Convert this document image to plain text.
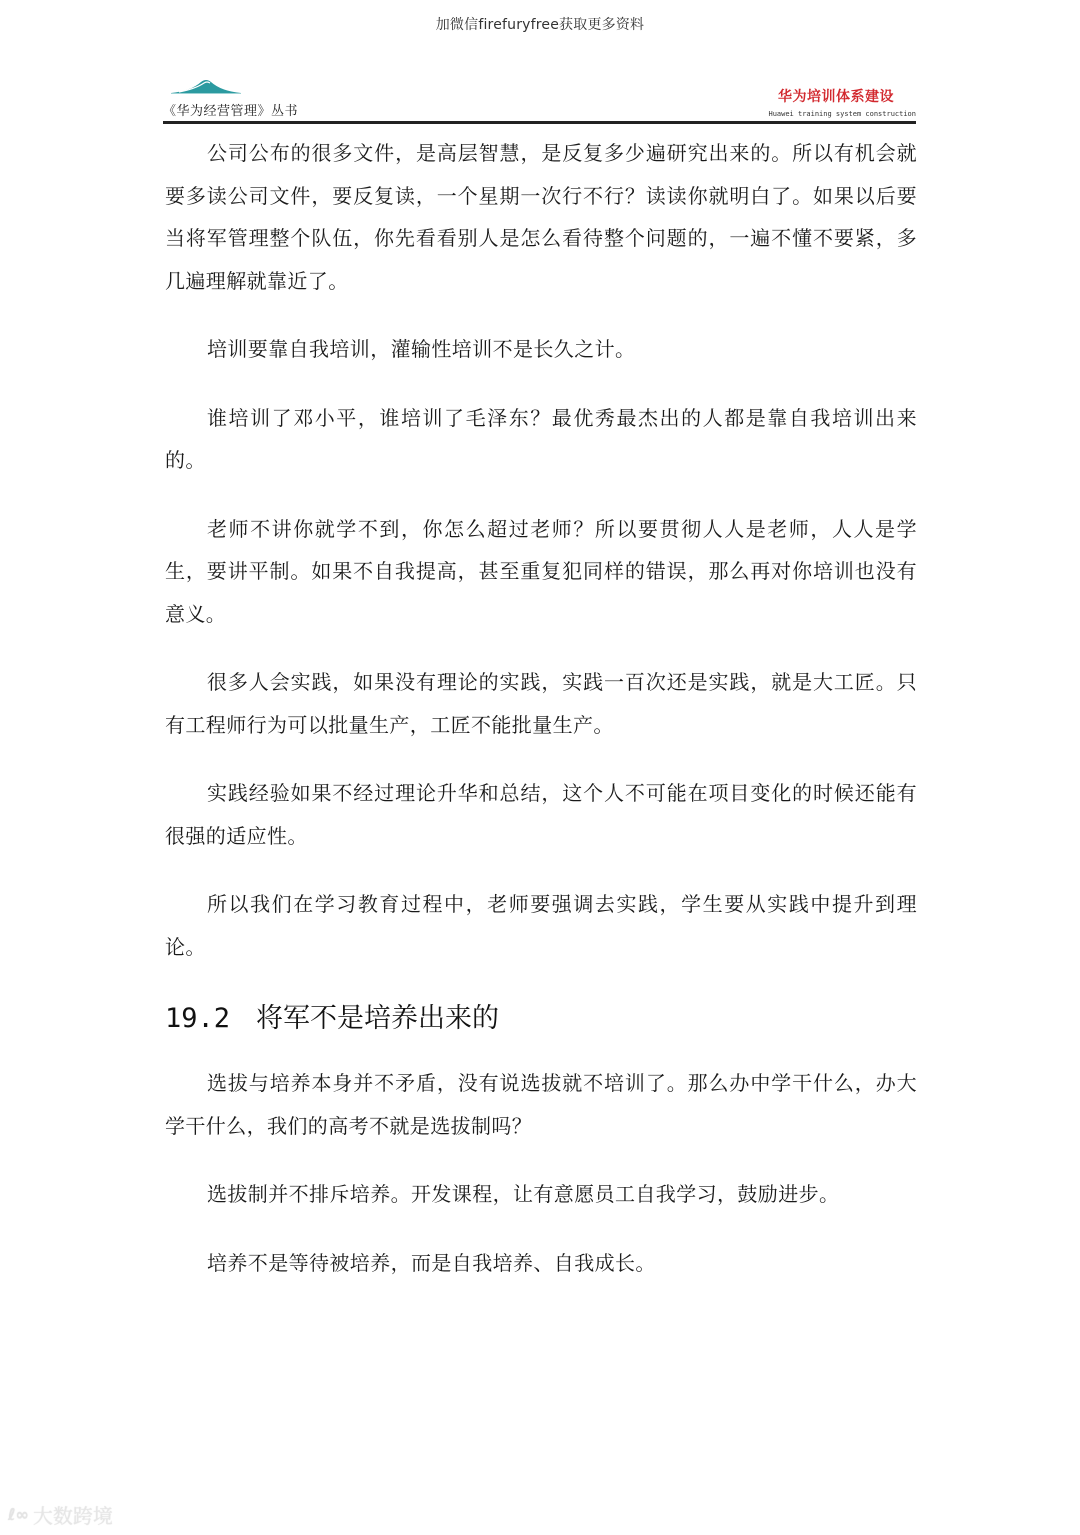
加微信firefuryfree获取更多资料
《华为经营管理》丛书
华为培训体系建设
Huawei training system construction

公司公布的很多文件，是高层智慧，是反复多少遍研究出来的。所以有机会就要多读公司文件，要反复读，一个星期一次行不行？读读你就明白了。如果以后要当将军管理整个队伍，你先看看别人是怎么看待整个问题的，一遍不懂不要紧，多几遍理解就靠近了。

培训要靠自我培训，灌输性培训不是长久之计。

谁培训了邓小平，谁培训了毛泽东？最优秀最杰出的人都是靠自我培训出来的。

老师不讲你就学不到，你怎么超过老师？所以要贯彻人人是老师，人人是学生，要讲平制。如果不自我提高，甚至重复犯同样的错误，那么再对你培训也没有意义。

很多人会实践，如果没有理论的实践，实践一百次还是实践，就是大工匠。只有工程师行为可以批量生产，工匠不能批量生产。

实践经验如果不经过理论升华和总结，这个人不可能在项目变化的时候还能有很强的适应性。

所以我们在学习教育过程中，老师要强调去实践，学生要从实践中提升到理论。

19.2 将军不是培养出来的

选拔与培养本身并不矛盾，没有说选拔就不培训了。那么办中学干什么，办大学干什么，我们的高考不就是选拔制吗？

选拔制并不排斥培养。开发课程，让有意愿员工自我学习，鼓励进步。

培养不是等待被培养，而是自我培养、自我成长。

ℓ∞ 大数跨境
